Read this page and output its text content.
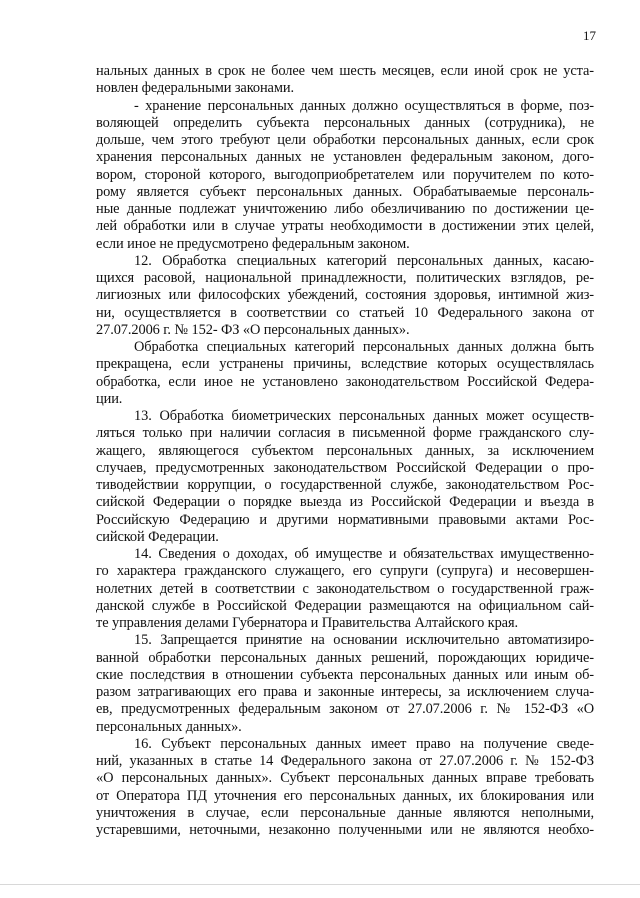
17
нальных данных в срок не более чем шесть месяцев, если иной срок не уста-
новлен федеральными законами.
- хранение персональных данных должно осуществляться в форме, поз-
воляющей определить субъекта персональных данных (сотрудника), не
дольше, чем этого требуют цели обработки персональных данных, если срок
хранения персональных данных не установлен федеральным законом, дого-
вором, стороной которого, выгодоприобретателем или поручителем по кото-
рому является субъект персональных данных. Обрабатываемые персональ-
ные данные подлежат уничтожению либо обезличиванию по достижении це-
лей обработки или в случае утраты необходимости в достижении этих целей,
если иное не предусмотрено федеральным законом.
12. Обработка специальных категорий персональных данных, касаю-
щихся расовой, национальной принадлежности, политических взглядов, ре-
лигиозных или философских убеждений, состояния здоровья, интимной жиз-
ни, осуществляется в соответствии со статьей 10 Федерального закона от
27.07.2006 г. № 152- ФЗ «О персональных данных».
Обработка специальных категорий персональных данных должна быть
прекращена, если устранены причины, вследствие которых осуществлялась
обработка, если иное не установлено законодательством Российской Федера-
ции.
13. Обработка биометрических персональных данных может осуществ-
ляться только при наличии согласия в письменной форме гражданского слу-
жащего, являющегося субъектом персональных данных, за исключением
случаев, предусмотренных законодательством Российской Федерации о про-
тиводействии коррупции, о государственной службе, законодательством Рос-
сийской Федерации о порядке выезда из Российской Федерации и въезда в
Российскую Федерацию и другими нормативными правовыми актами Рос-
сийской Федерации.
14. Сведения о доходах, об имуществе и обязательствах имущественно-
го характера гражданского служащего, его супруги (супруга) и несовершен-
нолетних детей в соответствии с законодательством о государственной граж-
данской службе в Российской Федерации размещаются на официальном сай-
те управления делами Губернатора и Правительства Алтайского края.
15. Запрещается принятие на основании исключительно автоматизиро-
ванной обработки персональных данных решений, порождающих юридиче-
ские последствия в отношении субъекта персональных данных или иным об-
разом затрагивающих его права и законные интересы, за исключением случа-
ев, предусмотренных федеральным законом от 27.07.2006 г. № 152-ФЗ «О
персональных данных».
16. Субъект персональных данных имеет право на получение сведе-
ний, указанных в статье 14 Федерального закона от 27.07.2006 г. № 152-ФЗ
«О персональных данных». Субъект персональных данных вправе требовать
от Оператора ПД уточнения его персональных данных, их блокирования или
уничтожения в случае, если персональные данные являются неполными,
устаревшими, неточными, незаконно полученными или не являются необхо-
